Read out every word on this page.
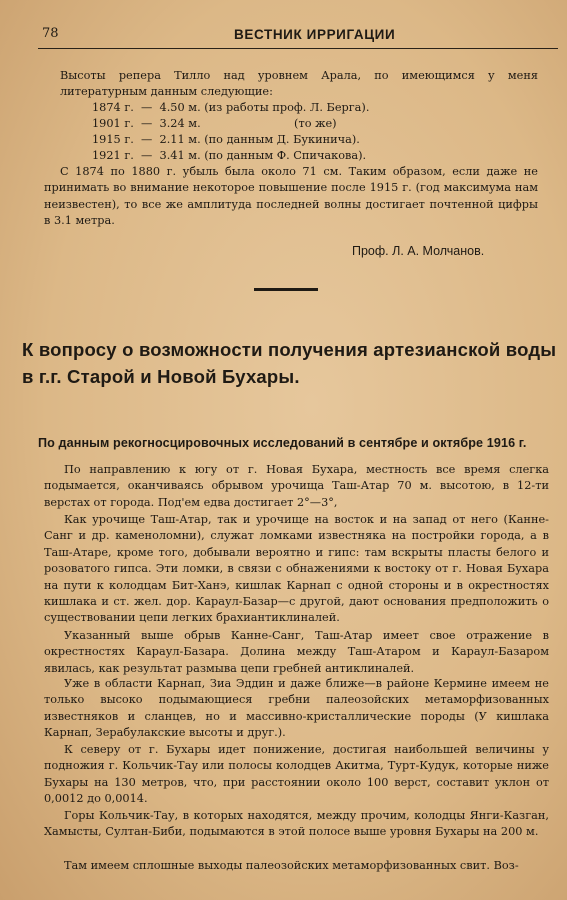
78	ВЕСТНИК ИРРИГАЦИИ

Высоты репера Тилло над уровнем Арала, по имеющимся у меня литературным данным следующие:

1874 г. — 4.50 м. (из работы проф. Л. Берга).

1901 г. — 3.24 м.	(то же)

1915 г. — 2.11 м. (по данным Д. Букинича).

1921 г. — 3.41 м. (по данным Ф. Спичакова).

С 1874 по 1880 г. убыль была около 71 см. Таким образом, если даже не принимать во внимание некоторое повышение после 1915 г. (год максимума нам неизвестен), то все же амплитуда последней волны достигает почтенной цифры в 3.1 метра.

Проф. Л. А. Молчанов.
К вопросу о возможности получения артезианской воды в г.г. Старой и Новой Бухары.
По данным рекогносцировочных исследований в сентябре и октябре 1916 г.

По направлению к югу от г. Новая Бухара, местность все время слегка подымается, оканчиваясь обрывом урочища Таш-Атар 70 м. высотою, в 12-ти верстах от города. Под'ем едва достигает 2°—3°,

Как урочище Таш-Атар, так и урочище на восток и на запад от него (Канне-Санг и др. каменоломни), служат ломками известняка на постройки города, а в Таш-Атаре, кроме того, добывали вероятно и гипс: там вскрыты пласты белого и розоватого гипса. Эти ломки, в связи с обнажениями к востоку от г. Новая Бухара на пути к колодцам Бит-Ханэ, кишлак Карнап с одной стороны и в окрестностях кишлака и ст. жел. дор. Караул-Базар—с другой, дают основания предположить о существовании цепи легких брахиантиклиналей.

Указанный выше обрыв Канне-Санг, Таш-Атар имеет свое отражение в окрестностях Караул-Базара. Долина между Таш-Атаром и Караул-Базаром явилась, как результат размыва цепи гребней антиклиналей.

Уже в области Карнап, Зиа Эддин и даже ближе—в районе Кермине имеем не только высоко подымающиеся гребни палеозойских метаморфизованных известняков и сланцев, но и массивно-кристаллические породы (У кишлака Карнап, Зерабулакские высоты и друг.).

К северу от г. Бухары идет понижение, достигая наибольшей величины у подножия г. Кольчик-Тау или полосы колодцев Акитма, Турт-Кудук, которые ниже Бухары на 130 метров, что, при расстоянии около 100 верст, составит уклон от 0,0012 до 0,0014.

Горы Кольчик-Тау, в которых находятся, между прочим, колодцы Янги-Казган, Хамысты, Султан-Биби, подымаются в этой полосе выше уровня Бухары на 200 м.

Там имеем сплошные выходы палеозойских метаморфизованных свит. Воз-
